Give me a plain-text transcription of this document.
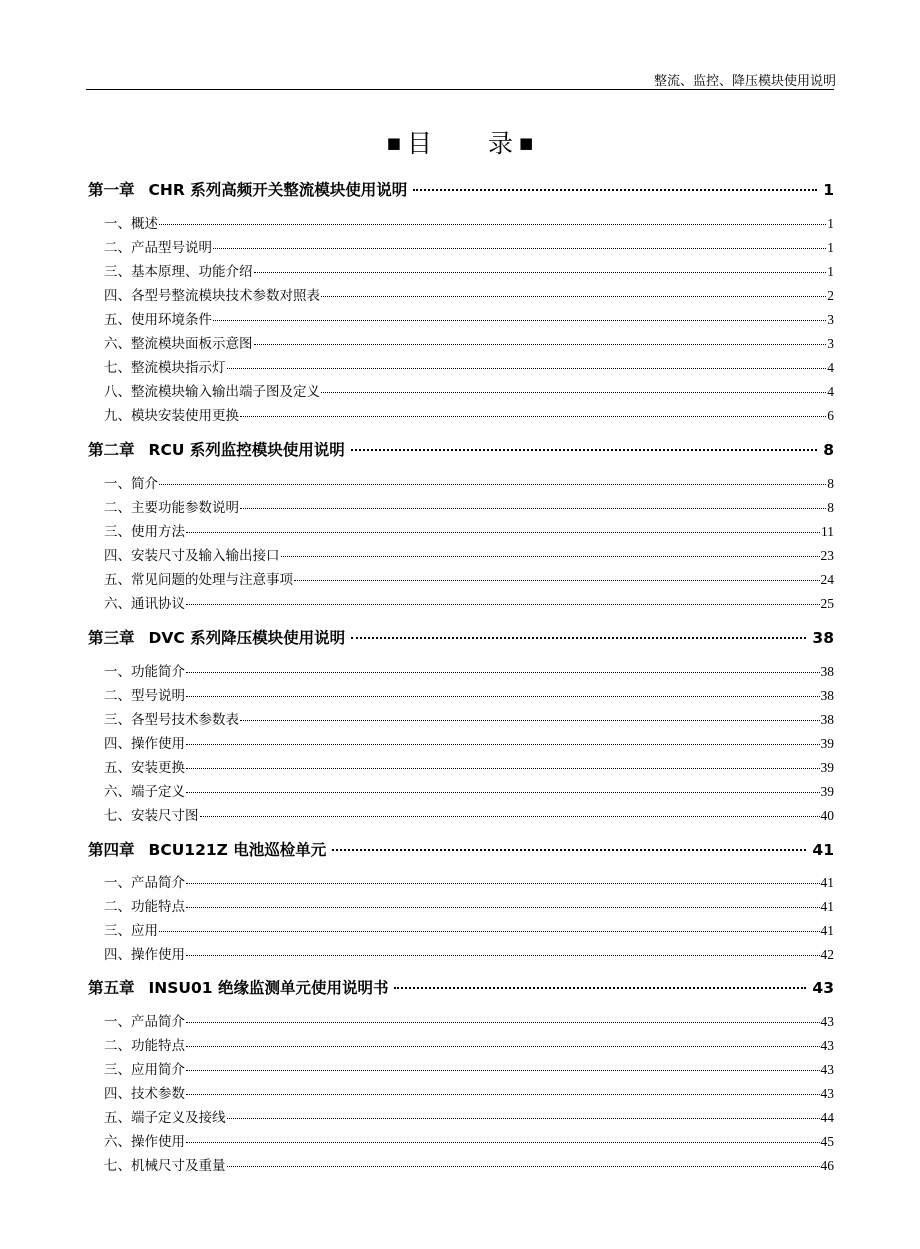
整流、监控、降压模块使用说明
■ 目 录 ■
第一章 CHR 系列高频开关整流模块使用说明	1
一、概述	1
二、产品型号说明	1
三、基本原理、功能介绍	1
四、各型号整流模块技术参数对照表	2
五、使用环境条件	3
六、整流模块面板示意图	3
七、整流模块指示灯	4
八、整流模块输入输出端子图及定义	4
九、模块安装使用更换	6
第二章 RCU 系列监控模块使用说明	8
一、简介	8
二、主要功能参数说明	8
三、使用方法	11
四、安装尺寸及输入输出接口	23
五、常见问题的处理与注意事项	24
六、通讯协议	25
第三章 DVC 系列降压模块使用说明	38
一、功能简介	38
二、型号说明	38
三、各型号技术参数表	38
四、操作使用	39
五、安装更换	39
六、端子定义	39
七、安装尺寸图	40
第四章 BCU121Z 电池巡检单元	41
一、产品简介	41
二、功能特点	41
三、应用	41
四、操作使用	42
第五章 INSU01 绝缘监测单元使用说明书	43
一、产品简介	43
二、功能特点	43
三、应用简介	43
四、技术参数	43
五、端子定义及接线	44
六、操作使用	45
七、机械尺寸及重量	46
